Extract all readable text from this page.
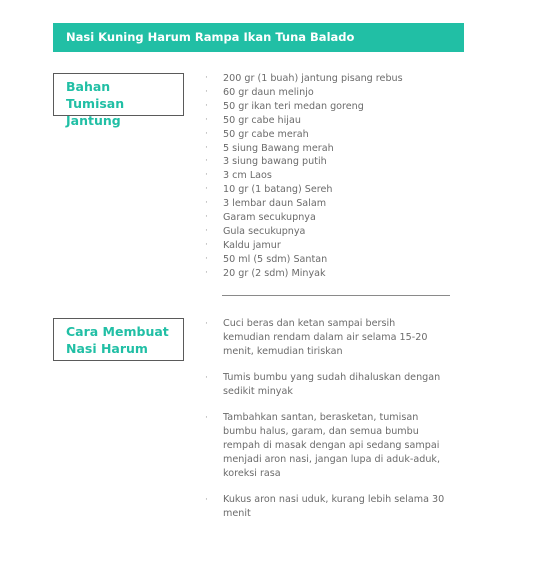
Nasi Kuning Harum Rampa Ikan Tuna Balado
Bahan Tumisan Jantung
· 200 gr (1 buah) jantung pisang rebus
· 60 gr daun melinjo
· 50 gr ikan teri medan goreng
· 50 gr cabe hijau
· 50 gr cabe merah
· 5 siung Bawang merah
· 3 siung bawang putih
· 3 cm Laos
· 10 gr (1 batang) Sereh
· 3 lembar daun Salam
· Garam secukupnya
· Gula secukupnya
· Kaldu jamur
· 50 ml (5 sdm) Santan
· 20 gr (2 sdm) Minyak
Cara Membuat Nasi Harum
· Cuci beras dan ketan sampai bersih kemudian rendam dalam air selama 15-20 menit, kemudian tiriskan
· Tumis bumbu yang sudah dihaluskan dengan sedikit minyak
· Tambahkan santan, berasketan, tumisan bumbu halus, garam, dan semua bumbu rempah di masak dengan api sedang sampai menjadi aron nasi, jangan lupa di aduk-aduk, koreksi rasa
· Kukus aron nasi uduk, kurang lebih selama 30 menit
